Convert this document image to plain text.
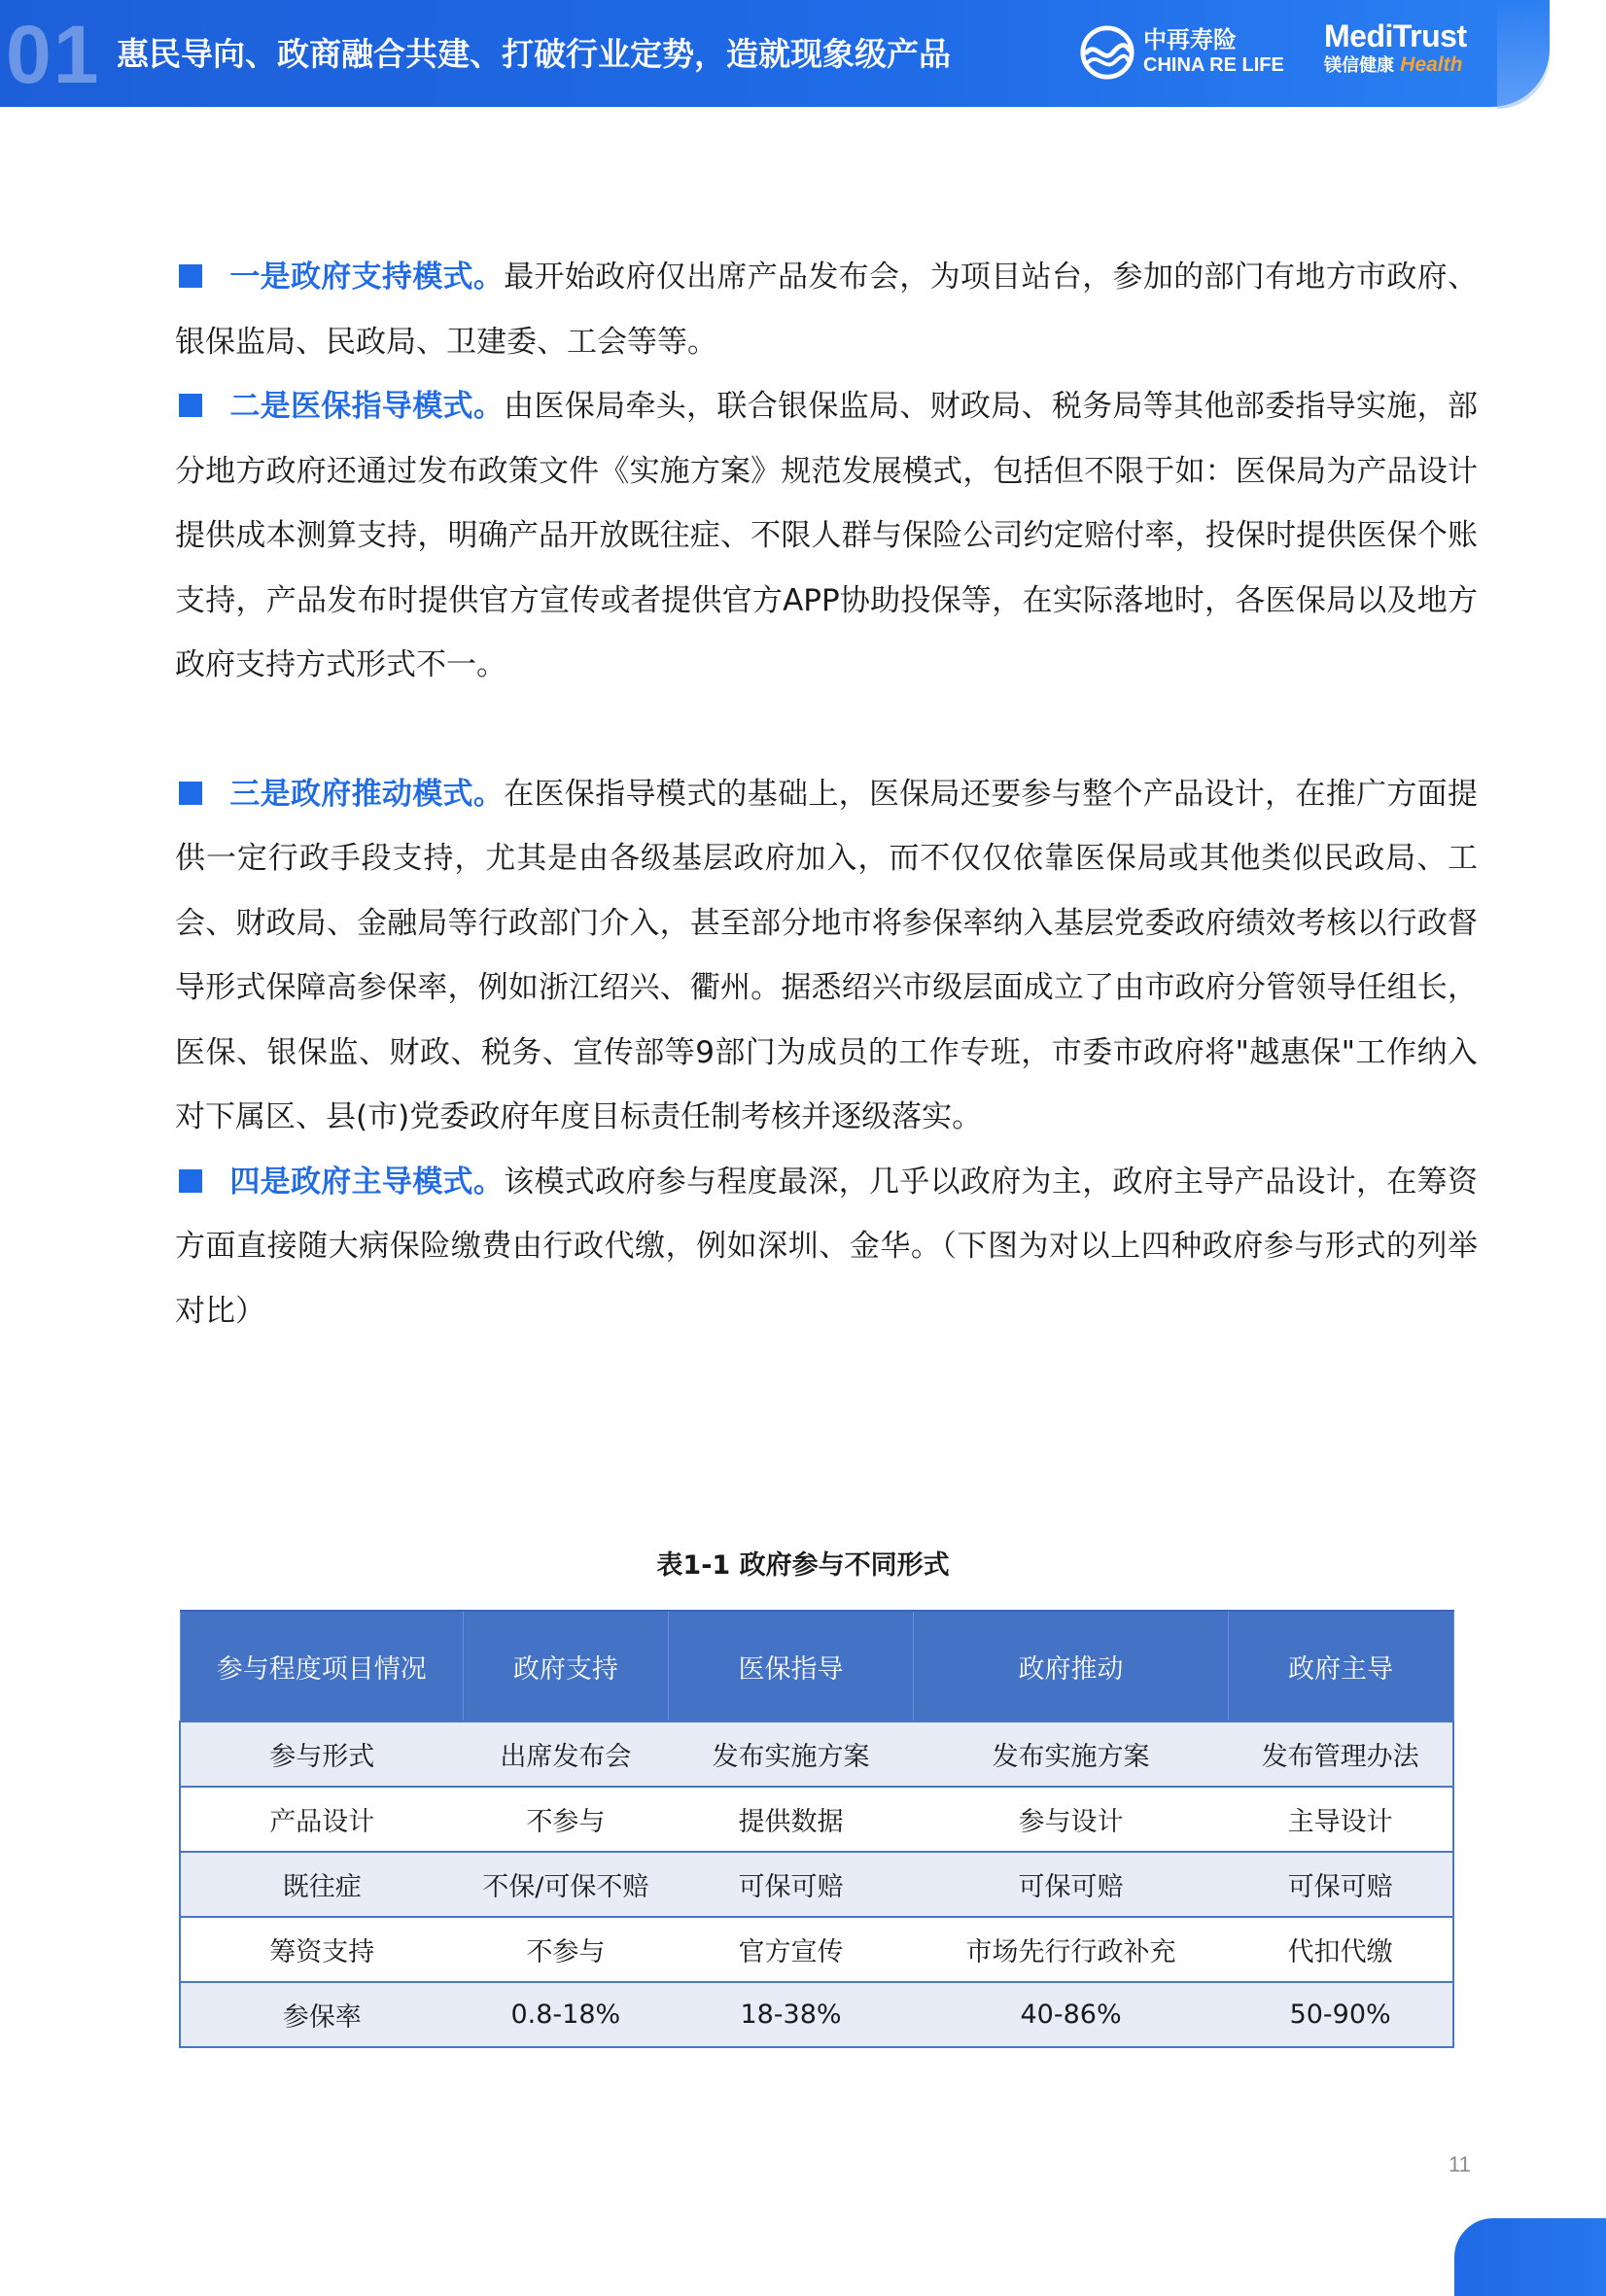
01 惠民导向、政商融合共建、打破行业定势，造就现象级产品	中再寿险
CHINA RE LIFE
MediTrust
镁信健康 Health

一是政府支持模式。最开始政府仅出席产品发布会，为项目站台，参加的部门有地方市政府、银保监局、民政局、卫建委、工会等等。

二是医保指导模式。由医保局牵头，联合银保监局、财政局、税务局等其他部委指导实施，部分地方政府还通过发布政策文件《实施方案》规范发展模式，包括但不限于如：医保局为产品设计提供成本测算支持，明确产品开放既往症、不限人群与保险公司约定赔付率，投保时提供医保个账支持，产品发布时提供官方宣传或者提供官方APP协助投保等，在实际落地时，各医保局以及地方政府支持方式形式不一。

三是政府推动模式。在医保指导模式的基础上，医保局还要参与整个产品设计，在推广方面提供一定行政手段支持，尤其是由各级基层政府加入，而不仅仅依靠医保局或其他类似民政局、工会、财政局、金融局等行政部门介入，甚至部分地市将参保率纳入基层党委政府绩效考核以行政督导形式保障高参保率，例如浙江绍兴、衢州。据悉绍兴市级层面成立了由市政府分管领导任组长，医保、银保监、财政、税务、宣传部等9部门为成员的工作专班，市委市政府将"越惠保"工作纳入对下属区、县(市)党委政府年度目标责任制考核并逐级落实。

四是政府主导模式。该模式政府参与程度最深，几乎以政府为主，政府主导产品设计，在筹资方面直接随大病保险缴费由行政代缴，例如深圳、金华。（下图为对以上四种政府参与形式的列举对比）

表1-1 政府参与不同形式
参与程度项目情况	政府支持	医保指导	政府推动	政府主导
参与形式	出席发布会	发布实施方案	发布实施方案	发布管理办法
产品设计	不参与	提供数据	参与设计	主导设计
既往症	不保/可保不赔	可保可赔	可保可赔	可保可赔
筹资支持	不参与	官方宣传	市场先行行政补充	代扣代缴
参保率	0.8-18%	18-38%	40-86%	50-90%
11
